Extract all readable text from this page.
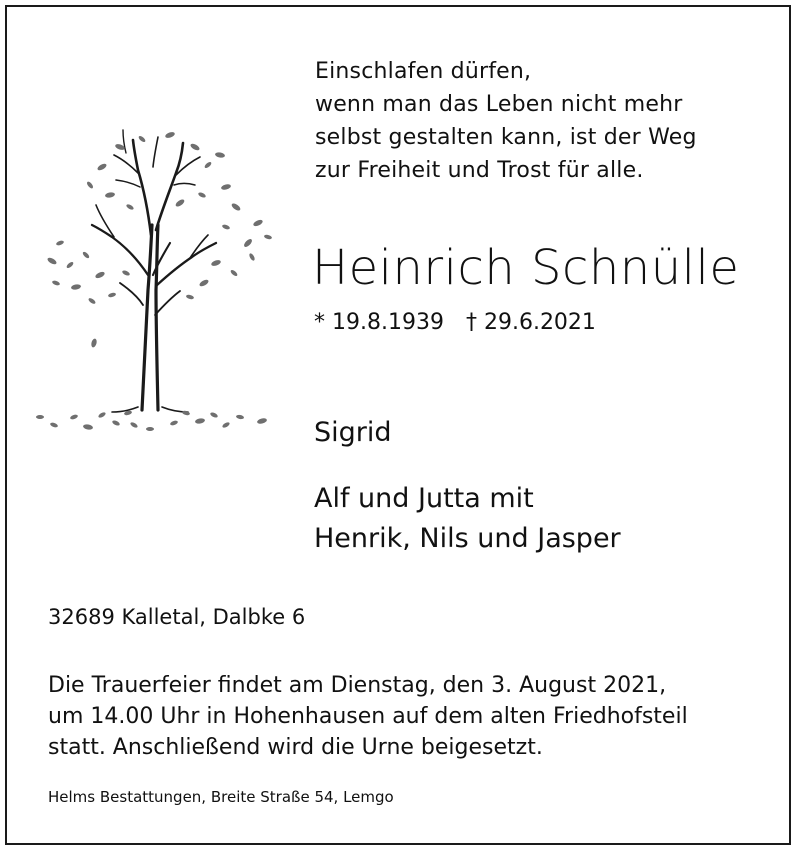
Einschlafen dürfen,
wenn man das Leben nicht mehr
selbst gestalten kann, ist der Weg
zur Freiheit und Trost für alle.
Heinrich Schnülle
* 19.8.1939 † 29.6.2021
Sigrid
Alf und Jutta mit
Henrik, Nils und Jasper
32689 Kalletal, Dalbke 6
Die Trauerfeier findet am Dienstag, den 3. August 2021,
um 14.00 Uhr in Hohenhausen auf dem alten Friedhofsteil
statt. Anschließend wird die Urne beigesetzt.
Helms Bestattungen, Breite Straße 54, Lemgo
